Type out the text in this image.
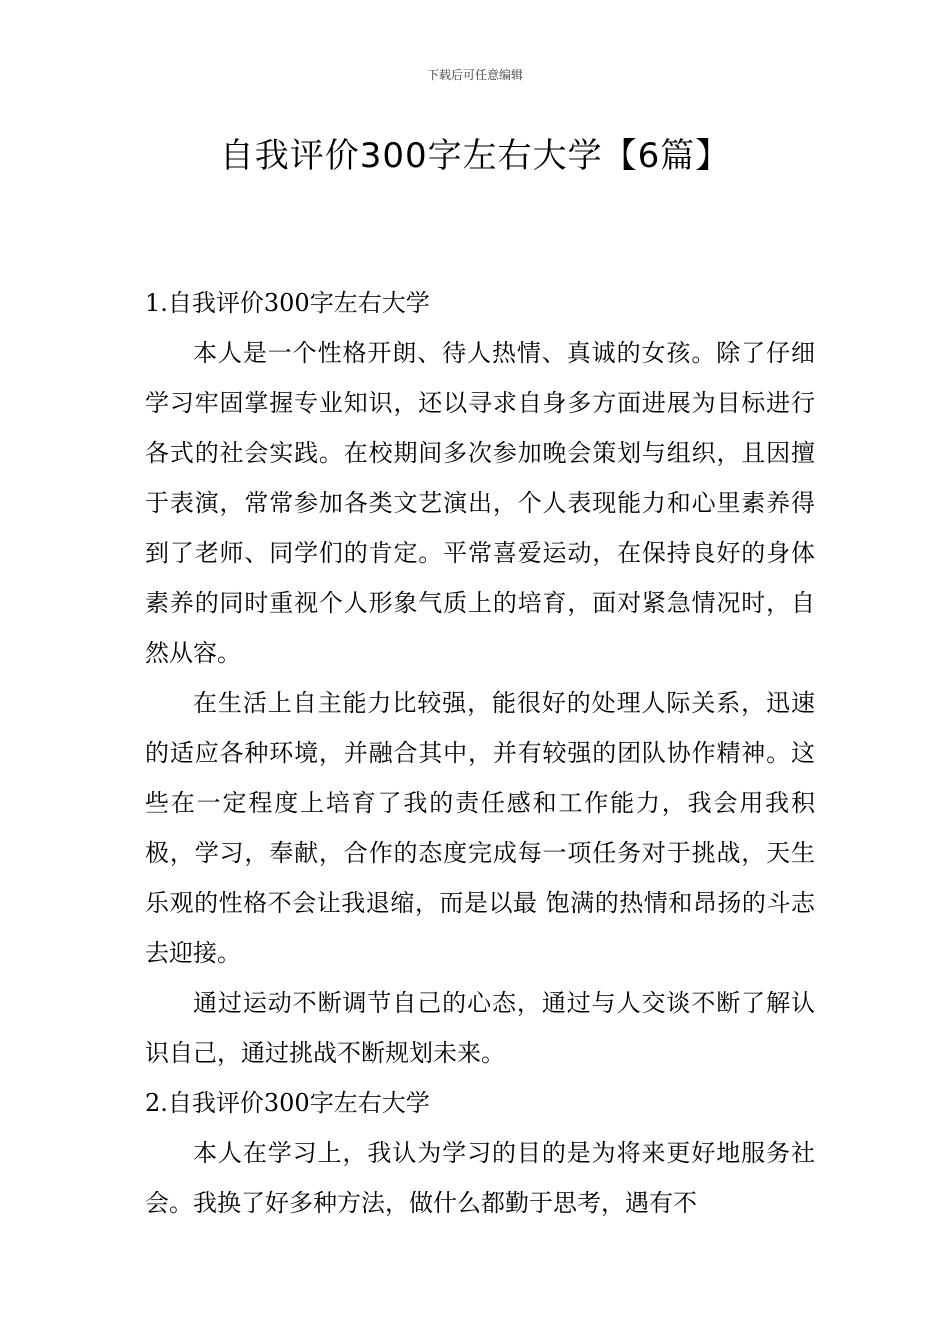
下载后可任意编辑
自我评价300字左右大学【6篇】

1.自我评价300字左右大学

本人是一个性格开朗、待人热情、真诚的女孩。除了仔细学习牢固掌握专业知识，还以寻求自身多方面进展为目标进行各式的社会实践。在校期间多次参加晚会策划与组织，且因擅于表演，常常参加各类文艺演出，个人表现能力和心里素养得到了老师、同学们的肯定。平常喜爱运动，在保持良好的身体素养的同时重视个人形象气质上的培育，面对紧急情况时，自然从容。

在生活上自主能力比较强，能很好的处理人际关系，迅速的适应各种环境，并融合其中，并有较强的团队协作精神。这些在一定程度上培育了我的责任感和工作能力，我会用我积极，学习，奉献，合作的态度完成每一项任务对于挑战，天生乐观的性格不会让我退缩，而是以最 饱满的热情和昂扬的斗志去迎接。

通过运动不断调节自己的心态，通过与人交谈不断了解认识自己，通过挑战不断规划未来。

2.自我评价300字左右大学

本人在学习上，我认为学习的目的是为将来更好地服务社会。我换了好多种方法，做什么都勤于思考，遇有不
